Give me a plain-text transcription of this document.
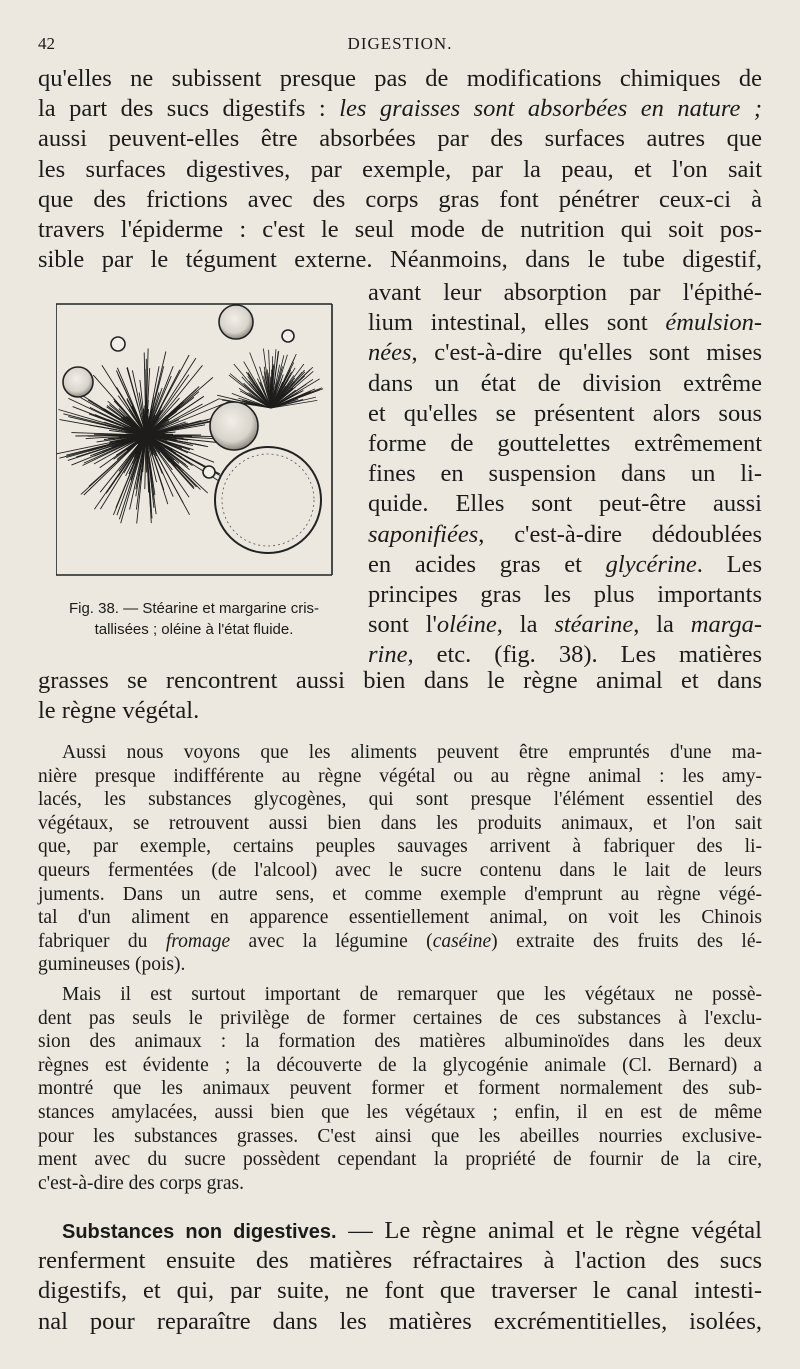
42	DIGESTION.
qu'elles ne subissent presque pas de modifications chimiques de
la part des sucs digestifs : les graisses sont absorbées en nature ;
aussi peuvent-elles être absorbées par des surfaces autres que
les surfaces digestives, par exemple, par la peau, et l'on sait
que des frictions avec des corps gras font pénétrer ceux-ci à
travers l'épiderme : c'est le seul mode de nutrition qui soit pos-
sible par le tégument externe. Néanmoins, dans le tube digestif,
avant leur absorption par l'épithé-
lium intestinal, elles sont émulsion-
nées, c'est-à-dire qu'elles sont mises
dans un état de division extrême
et qu'elles se présentent alors sous
forme de gouttelettes extrêmement
fines en suspension dans un li-
quide. Elles sont peut-être aussi
saponifiées, c'est-à-dire dédoublées
en acides gras et glycérine. Les
principes gras les plus importants
sont l'oléine, la stéarine, la marga-
rine, etc. (fig. 38). Les matières
Fig. 38. — Stéarine et margarine cris-
tallisées ; oléine à l'état fluide.
grasses se rencontrent aussi bien dans le règne animal et dans
le règne végétal.
Aussi nous voyons que les aliments peuvent être empruntés d'une ma-
nière presque indifférente au règne végétal ou au règne animal : les amy-
lacés, les substances glycogènes, qui sont presque l'élément essentiel des
végétaux, se retrouvent aussi bien dans les produits animaux, et l'on sait
que, par exemple, certains peuples sauvages arrivent à fabriquer des li-
queurs fermentées (de l'alcool) avec le sucre contenu dans le lait de leurs
juments. Dans un autre sens, et comme exemple d'emprunt au règne végé-
tal d'un aliment en apparence essentiellement animal, on voit les Chinois
fabriquer du fromage avec la légumine (caséine) extraite des fruits des lé-
gumineuses (pois).
Mais il est surtout important de remarquer que les végétaux ne possè-
dent pas seuls le privilège de former certaines de ces substances à l'exclu-
sion des animaux : la formation des matières albuminoïdes dans les deux
règnes est évidente ; la découverte de la glycogénie animale (Cl. Bernard) a
montré que les animaux peuvent former et forment normalement des sub-
stances amylacées, aussi bien que les végétaux ; enfin, il en est de même
pour les substances grasses. C'est ainsi que les abeilles nourries exclusive-
ment avec du sucre possèdent cependant la propriété de fournir de la cire,
c'est-à-dire des corps gras.
Substances non digestives. — Le règne animal et le règne végétal
renferment ensuite des matières réfractaires à l'action des sucs
digestifs, et qui, par suite, ne font que traverser le canal intesti-
nal pour reparaître dans les matières excrémentitielles, isolées,
